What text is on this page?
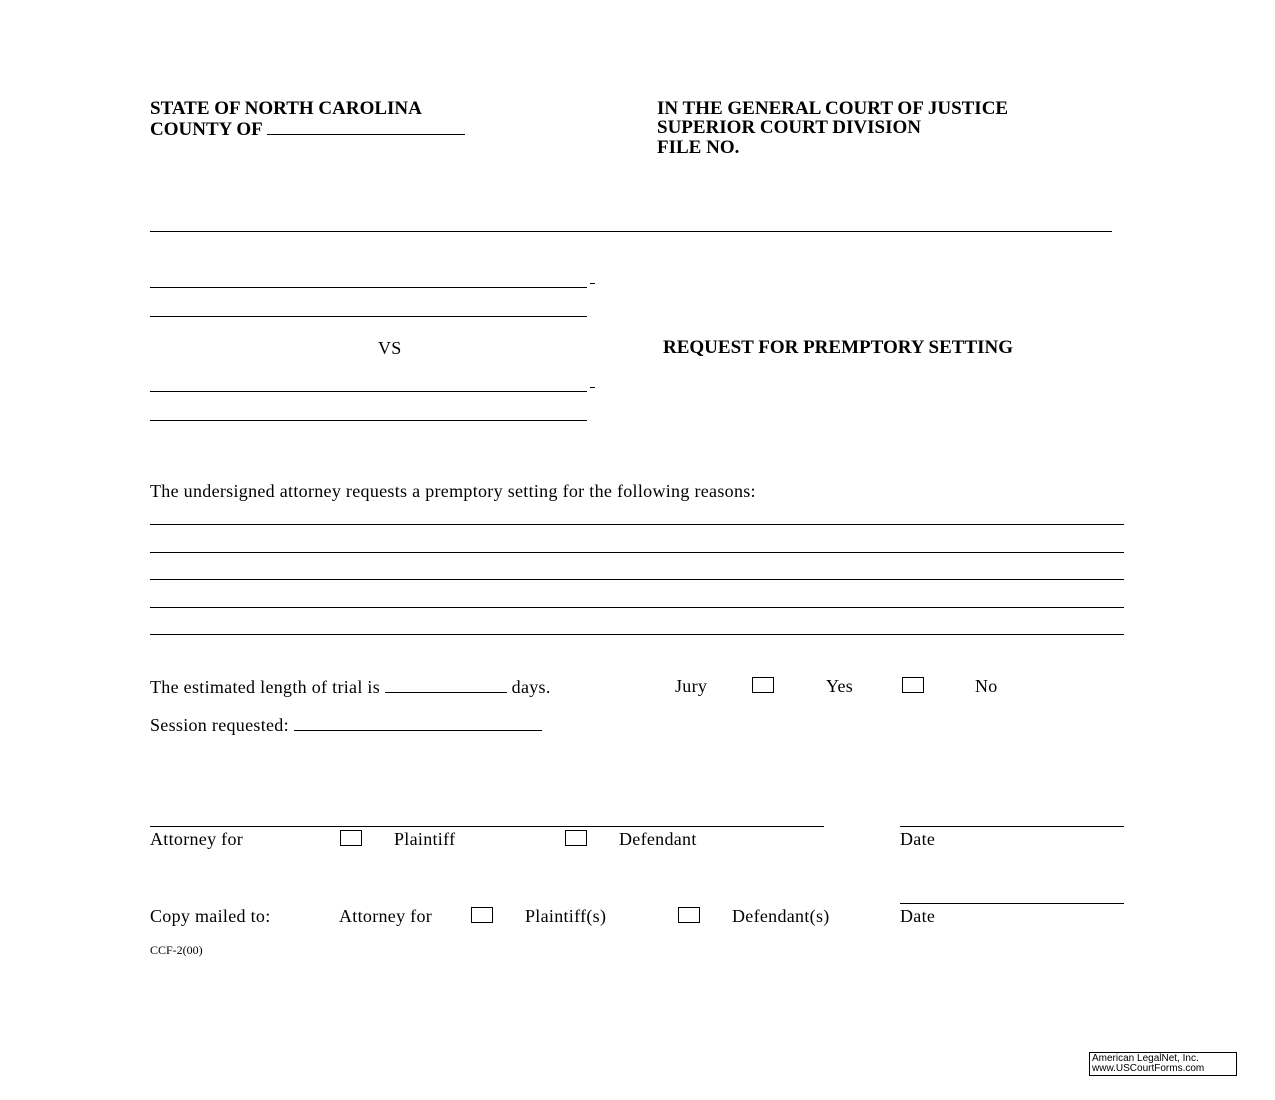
STATE OF NORTH CAROLINA
COUNTY OF
IN THE GENERAL COURT OF JUSTICE
SUPERIOR COURT DIVISION
FILE NO.
VS	REQUEST FOR PREMPTORY SETTING
The undersigned attorney requests a premptory setting for the following reasons:
The estimated length of trial is	days.	Jury	Yes	No
Session requested:
Attorney for	Plaintiff	Defendant	Date
Copy mailed to:	Attorney for	Plaintiff(s)	Defendant(s)	Date
CCF-2(00)
American LegalNet, Inc.
www.USCourtForms.com
